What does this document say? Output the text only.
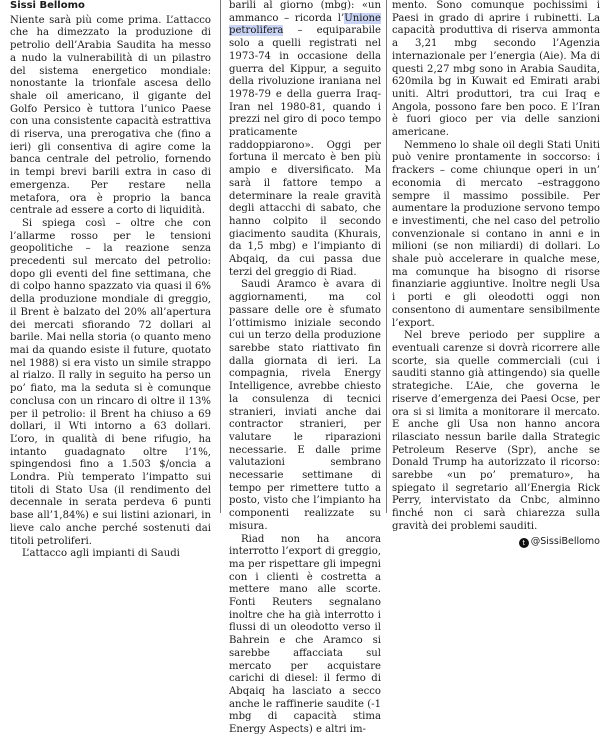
Sissi Bellomo

Niente sarà più come prima. L’attacco che ha dimezzato la produzione di petrolio dell’Arabia Saudita ha messo a nudo la vulnerabilità di un pilastro del sistema energetico mondiale: nonostante la trionfale ascesa dello shale oil americano, il gigante del Golfo Persico è tuttora l’unico Paese con una consistente capacità estrattiva di riserva, una prerogativa che (fino a ieri) gli consentiva di agire come la banca centrale del petrolio, fornendo in tempi brevi barili extra in caso di emergenza. Per restare nella metafora, ora è proprio la banca centrale ad essere a corto di liquidità.

Si spiega così – oltre che con l’allarme rosso per le tensioni geopolitiche – la reazione senza precedenti sul mercato del petrolio: dopo gli eventi del fine settimana, che di colpo hanno spazzato via quasi il 6% della produzione mondiale di greggio, il Brent è balzato del 20% all’apertura dei mercati sfiorando 72 dollari al barile. Mai nella storia (o quanto meno mai da quando esiste il future, quotato nel 1988) si era visto un simile strappo al rialzo. Il rally in seguito ha perso un po’ fiato, ma la seduta si è comunque conclusa con un rincaro di oltre il 13% per il petrolio: il Brent ha chiuso a 69 dollari, il Wti intorno a 63 dollari. L’oro, in qualità di bene rifugio, ha intanto guadagnato oltre l’1%, spingendosi fino a 1.503 $/oncia a Londra. Più temperato l’impatto sui titoli di Stato Usa (il rendimento del decennale in serata perdeva 6 punti base all’1,84%) e sui listini azionari, in lieve calo anche perché sostenuti dai titoli petroliferi.

L’attacco agli impianti di Saudi

barili al giorno (mbg): «un ammanco – ricorda l’Unione petrolifera – equiparabile solo a quelli registrati nel 1973-74 in occasione della guerra del Kippur, a seguito della rivoluzione iraniana nel 1978-79 e della guerra Iraq-Iran nel 1980-81, quando i prezzi nel giro di poco tempo praticamente raddoppiarono». Oggi per fortuna il mercato è ben più ampio e diversificato. Ma sarà il fattore tempo a determinare la reale gravità degli attacchi di sabato, che hanno colpito il secondo giacimento saudita (Khurais, da 1,5 mbg) e l’impianto di Abqaiq, da cui passa due terzi del greggio di Riad.

Saudi Aramco è avara di aggiornamenti, ma col passare delle ore è sfumato l’ottimismo iniziale secondo cui un terzo della produzione sarebbe stato riattivato fin dalla giornata di ieri. La compagnia, rivela Energy Intelligence, avrebbe chiesto la consulenza di tecnici stranieri, inviati anche dai contractor stranieri, per valutare le riparazioni necessarie. E dalle prime valutazioni sembrano necessarie settimane di tempo per rimettere tutto a posto, visto che l’impianto ha componenti realizzate su misura.

Riad non ha ancora interrotto l’export di greggio, ma per rispettare gli impegni con i clienti è costretta a mettere mano alle scorte. Fonti Reuters segnalano inoltre che ha già interrotto i flussi di un oleodotto verso il Bahrein e che Aramco si sarebbe affacciata sul mercato per acquistare carichi di diesel: il fermo di Abqaiq ha lasciato a secco anche le raffinerie saudite (-1 mbg di capacità stima Energy Aspects) e altri im-

mento. Sono comunque pochissimi i Paesi in grado di aprire i rubinetti. La capacità produttiva di riserva ammonta a 3,21 mbg secondo l’Agenzia internazionale per l’energia (Aie). Ma di questi 2,27 mbg sono in Arabia Saudita, 620mila bg in Kuwait ed Emirati arabi uniti. Altri produttori, tra cui Iraq e Angola, possono fare ben poco. E l’Iran è fuori gioco per via delle sanzioni americane.

Nemmeno lo shale oil degli Stati Uniti può venire prontamente in soccorso: i frackers – come chiunque operi in un’ economia di mercato –estraggono sempre il massimo possibile. Per aumentare la produzione servono tempo e investimenti, che nel caso del petrolio convenzionale si contano in anni e in milioni (se non miliardi) di dollari. Lo shale può accelerare in qualche mese, ma comunque ha bisogno di risorse finanziarie aggiuntive. Inoltre negli Usa i porti e gli oleodotti oggi non consentono di aumentare sensibilmente l’export.

Nel breve periodo per supplire a eventuali carenze si dovrà ricorrere alle scorte, sia quelle commerciali (cui i sauditi stanno già attingendo) sia quelle strategiche. L’Aie, che governa le riserve d’emergenza dei Paesi Ocse, per ora si si limita a monitorare il mercato. E anche gli Usa non hanno ancora rilasciato nessun barile dalla Strategic Petroleum Reserve (Spr), anche se Donald Trump ha autorizzato il ricorso: sarebbe «un po’ prematuro», ha spiegato il segretario all’Energia Rick Perry, intervistato da Cnbc, alminno finché non ci sarà chiarezza sulla gravità dei problemi sauditi.

t @SissiBellomo
